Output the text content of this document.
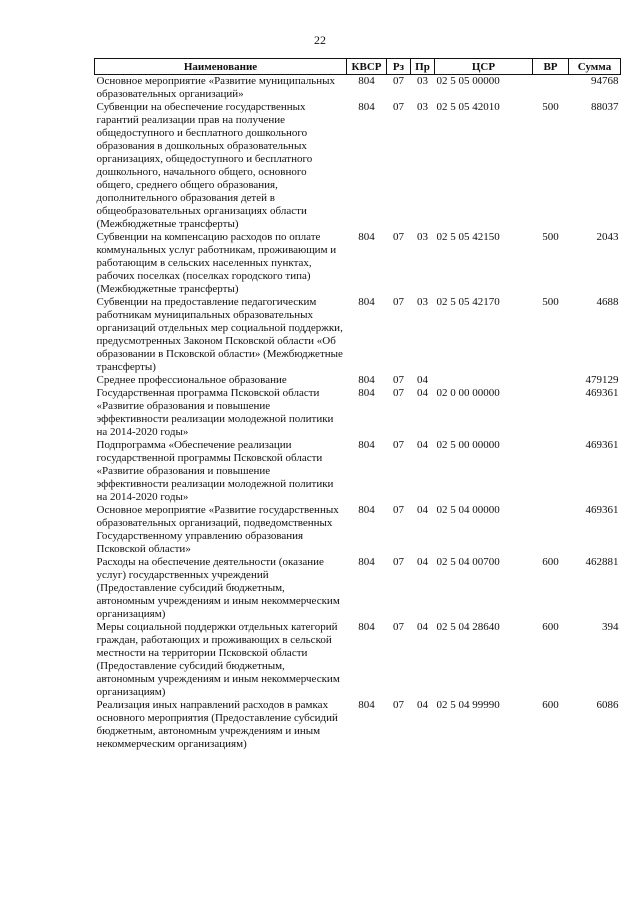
22
Наименование	КВСР	Рз	Пр	ЦСР	ВР	Сумма
Основное мероприятие «Развитие муниципальных образовательных организаций»	804	07	03	02 5 05 00000		94768
Субвенции на обеспечение государственных гарантий реализации прав на получение общедоступного и бесплатного дошкольного образования в дошкольных образовательных организациях, общедоступного и бесплатного дошкольного, начального общего, основного общего, среднего общего образования, дополнительного образования детей в общеобразовательных организациях области (Межбюджетные трансферты)	804	07	03	02 5 05 42010	500	88037
Субвенции на компенсацию расходов по оплате коммунальных услуг работникам, проживающим и работающим в сельских населенных пунктах, рабочих поселках (поселках городского типа) (Межбюджетные трансферты)	804	07	03	02 5 05 42150	500	2043
Субвенции на предоставление педагогическим работникам муниципальных образовательных организаций отдельных мер социальной поддержки, предусмотренных Законом Псковской области «Об образовании в Псковской области» (Межбюджетные трансферты)	804	07	03	02 5 05 42170	500	4688
Среднее профессиональное образование	804	07	04			479129
Государственная программа Псковской области «Развитие образования и повышение эффективности реализации молодежной политики на 2014-2020 годы»	804	07	04	02 0 00 00000		469361
Подпрограмма «Обеспечение реализации государственной программы Псковской области «Развитие образования и повышение эффективности реализации молодежной политики на 2014-2020 годы»	804	07	04	02 5 00 00000		469361
Основное мероприятие «Развитие государственных образовательных организаций, подведомственных Государственному управлению образования Псковской области»	804	07	04	02 5 04 00000		469361
Расходы на обеспечение деятельности (оказание услуг) государственных учреждений (Предоставление субсидий бюджетным, автономным учреждениям и иным некоммерческим организациям)	804	07	04	02 5 04 00700	600	462881
Меры социальной поддержки отдельных категорий граждан, работающих и проживающих в сельской местности на территории Псковской области (Предоставление субсидий бюджетным, автономным учреждениям и иным некоммерческим организациям)	804	07	04	02 5 04 28640	600	394
Реализация иных направлений расходов в рамках основного мероприятия (Предоставление субсидий бюджетным, автономным учреждениям и иным некоммерческим организациям)	804	07	04	02 5 04 99990	600	6086
